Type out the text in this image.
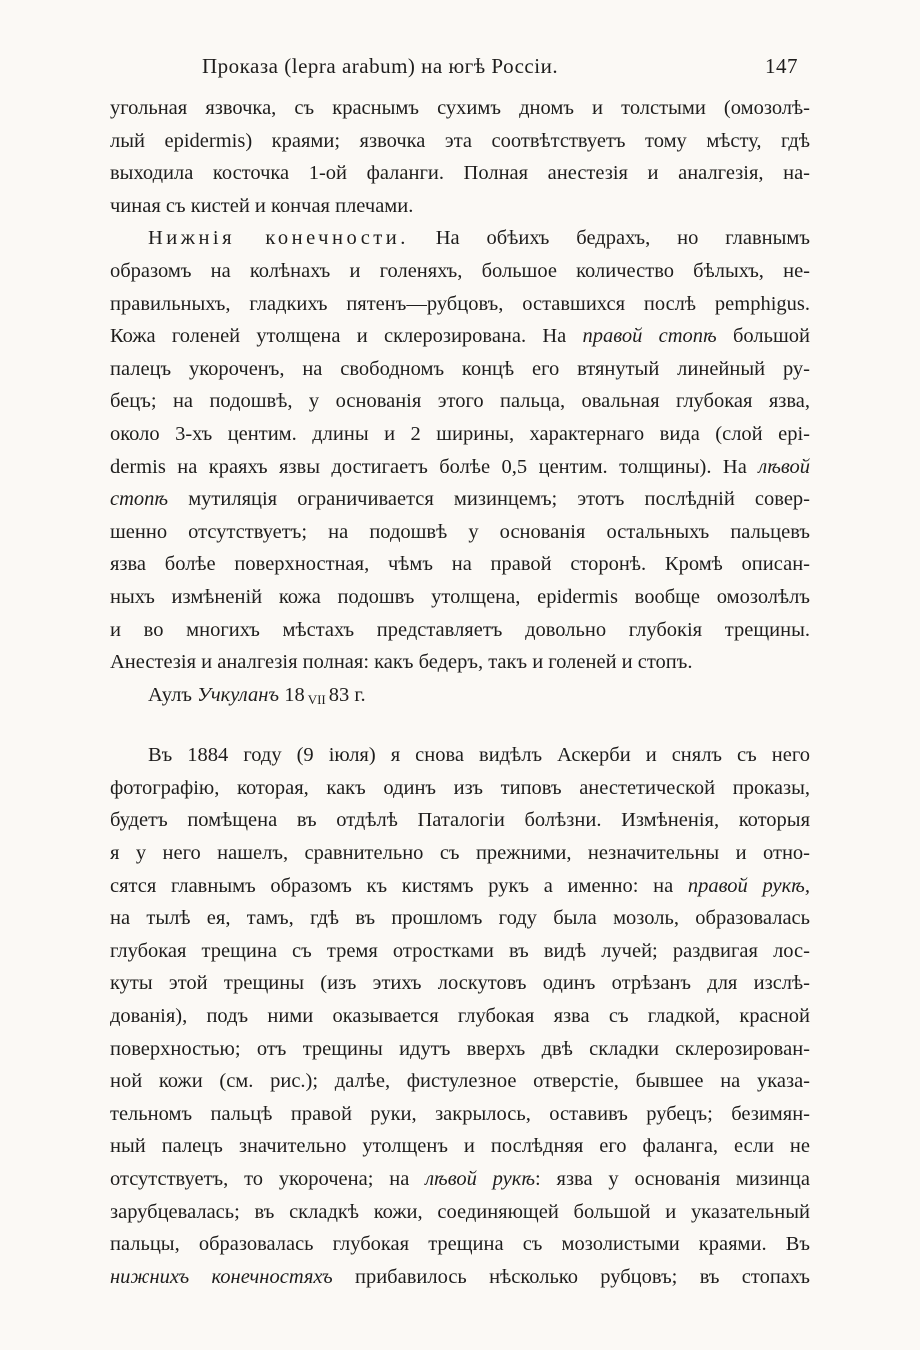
Проказа (lepra arabum) на югѣ Россіи.	147
угольная язвочка, съ краснымъ сухимъ дномъ и толстыми (омозолѣ-
лый epidermis) краями; язвочка эта соотвѣтствуетъ тому мѣсту, гдѣ
выходила косточка 1-ой фаланги. Полная анестезія и аналгезія, на-
чиная съ кистей и кончая плечами.
Нижнія конечности. На обѣихъ бедрахъ, но главнымъ
образомъ на колѣнахъ и голеняхъ, большое количество бѣлыхъ, не-
правильныхъ, гладкихъ пятенъ—рубцовъ, оставшихся послѣ pemphigus.
Кожа голеней утолщена и склерозирована. На правой стопѣ большой
палецъ укороченъ, на свободномъ концѣ его втянутый линейный ру-
бецъ; на подошвѣ, у основанія этого пальца, овальная глубокая язва,
около 3-хъ центим. длины и 2 ширины, характернаго вида (слой epi-
dermis на краяхъ язвы достигаетъ болѣе 0,5 центим. толщины). На лѣвой
стопѣ мутиляція ограничивается мизинцемъ; этотъ послѣдній совер-
шенно отсутствуетъ; на подошвѣ у основанія остальныхъ пальцевъ
язва болѣе поверхностная, чѣмъ на правой сторонѣ. Кромѣ описан-
ныхъ измѣненій кожа подошвъ утолщена, epidermis вообще омозолѣлъ
и во многихъ мѣстахъ представляетъ довольно глубокія трещины.
Анестезія и аналгезія полная: какъ бедеръ, такъ и голеней и стопъ.
Аулъ Учкуланъ 18 $_{VII}$ 83 г.
Въ 1884 году (9 іюля) я снова видѣлъ Аскерби и снялъ съ него
фотографію, которая, какъ одинъ изъ типовъ анестетической проказы,
будетъ помѣщена въ отдѣлѣ Паталогіи болѣзни. Измѣненія, которыя
я у него нашелъ, сравнительно съ прежними, незначительны и отно-
сятся главнымъ образомъ къ кистямъ рукъ а именно: на правой рукѣ,
на тылѣ ея, тамъ, гдѣ въ прошломъ году была мозоль, образовалась
глубокая трещина съ тремя отростками въ видѣ лучей; раздвигая лос-
куты этой трещины (изъ этихъ лоскутовъ одинъ отрѣзанъ для изслѣ-
дованія), подъ ними оказывается глубокая язва съ гладкой, красной
поверхностью; отъ трещины идутъ вверхъ двѣ складки склерозирован-
ной кожи (см. рис.); далѣе, фистулезное отверстіе, бывшее на указа-
тельномъ пальцѣ правой руки, закрылось, оставивъ рубецъ; безимян-
ный палецъ значительно утолщенъ и послѣдняя его фаланга, если не
отсутствуетъ, то укорочена; на лѣвой рукѣ: язва у основанія мизинца
зарубцевалась; въ складкѣ кожи, соединяющей большой и указательный
пальцы, образовалась глубокая трещина съ мозолистыми краями. Въ
нижнихъ конечностяхъ прибавилось нѣсколько рубцовъ; въ стопахъ
